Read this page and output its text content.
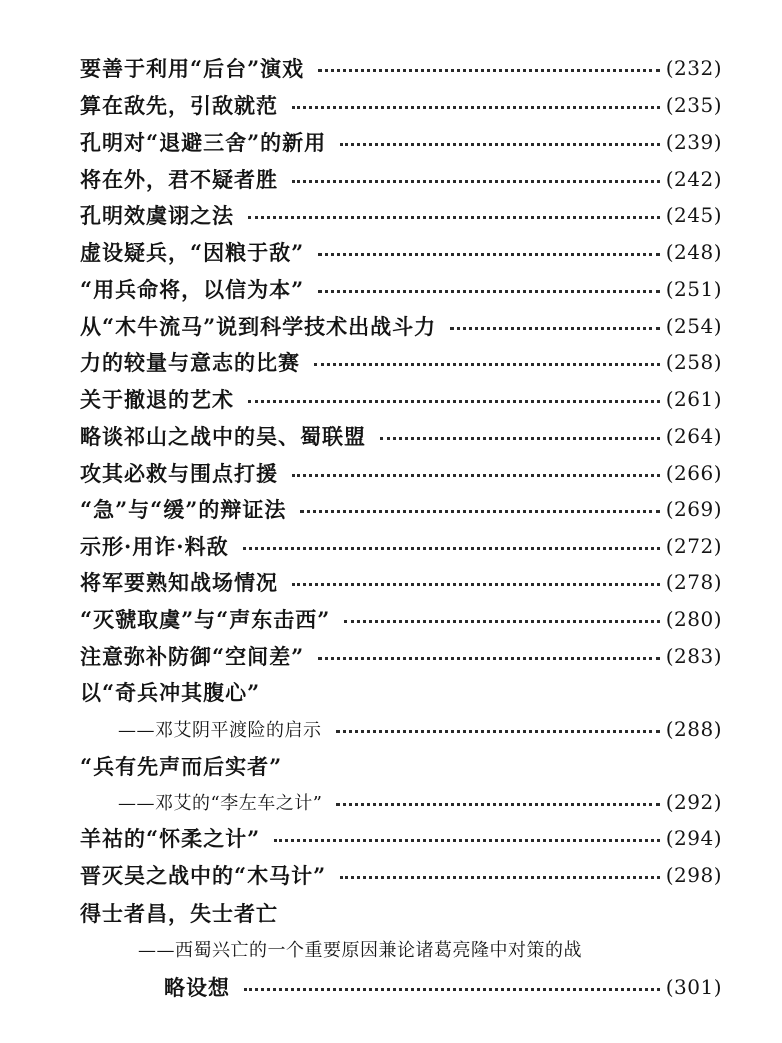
要善于利用“后台”演戏	(232)
算在敌先，引敌就范	(235)
孔明对“退避三舍”的新用	(239)
将在外，君不疑者胜	(242)
孔明效虞诩之法	(245)
虚设疑兵，“因粮于敌”	(248)
“用兵命将，以信为本”	(251)
从“木牛流马”说到科学技术出战斗力	(254)
力的较量与意志的比赛	(258)
关于撤退的艺术	(261)
略谈祁山之战中的吴、蜀联盟	(264)
攻其必救与围点打援	(266)
“急”与“缓”的辩证法	(269)
示形·用诈·料敌	(272)
将军要熟知战场情况	(278)
“灭虢取虞”与“声东击西”	(280)
注意弥补防御“空间差”	(283)
以“奇兵冲其腹心”
——邓艾阴平渡险的启示	(288)
“兵有先声而后实者”
——邓艾的“李左车之计”	(292)
羊祜的“怀柔之计”	(294)
晋灭吴之战中的“木马计”	(298)
得士者昌，失士者亡
——西蜀兴亡的一个重要原因兼论诸葛亮隆中对策的战
略设想	(301)
